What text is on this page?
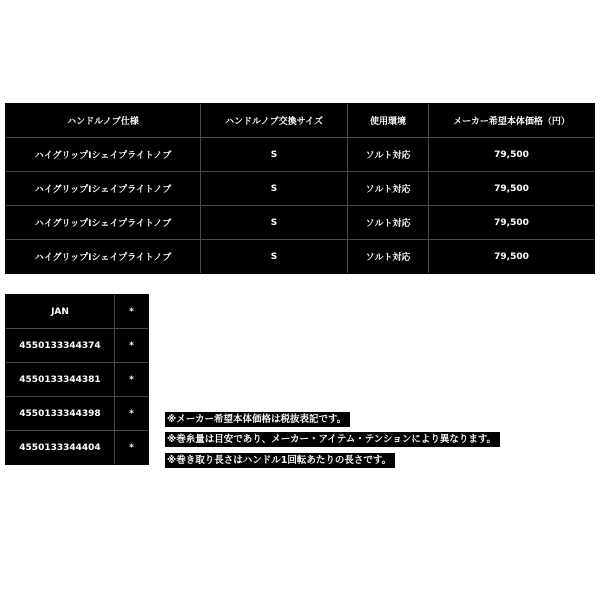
ハンドルノブ仕様	ハンドルノブ交換サイズ	使用環境	メーカー希望本体価格（円）
ハイグリップIシェイプライトノブ	S	ソルト対応	79,500
ハイグリップIシェイプライトノブ	S	ソルト対応	79,500
ハイグリップIシェイプライトノブ	S	ソルト対応	79,500
ハイグリップIシェイプライトノブ	S	ソルト対応	79,500
JAN	*
4550133344374	*
4550133344381	*
4550133344398	*
4550133344404	*
※メーカー希望本体価格は税抜表記です。
※巻糸量は目安であり、メーカー・アイテム・テンションにより異なります。
※巻き取り長さはハンドル1回転あたりの長さです。
